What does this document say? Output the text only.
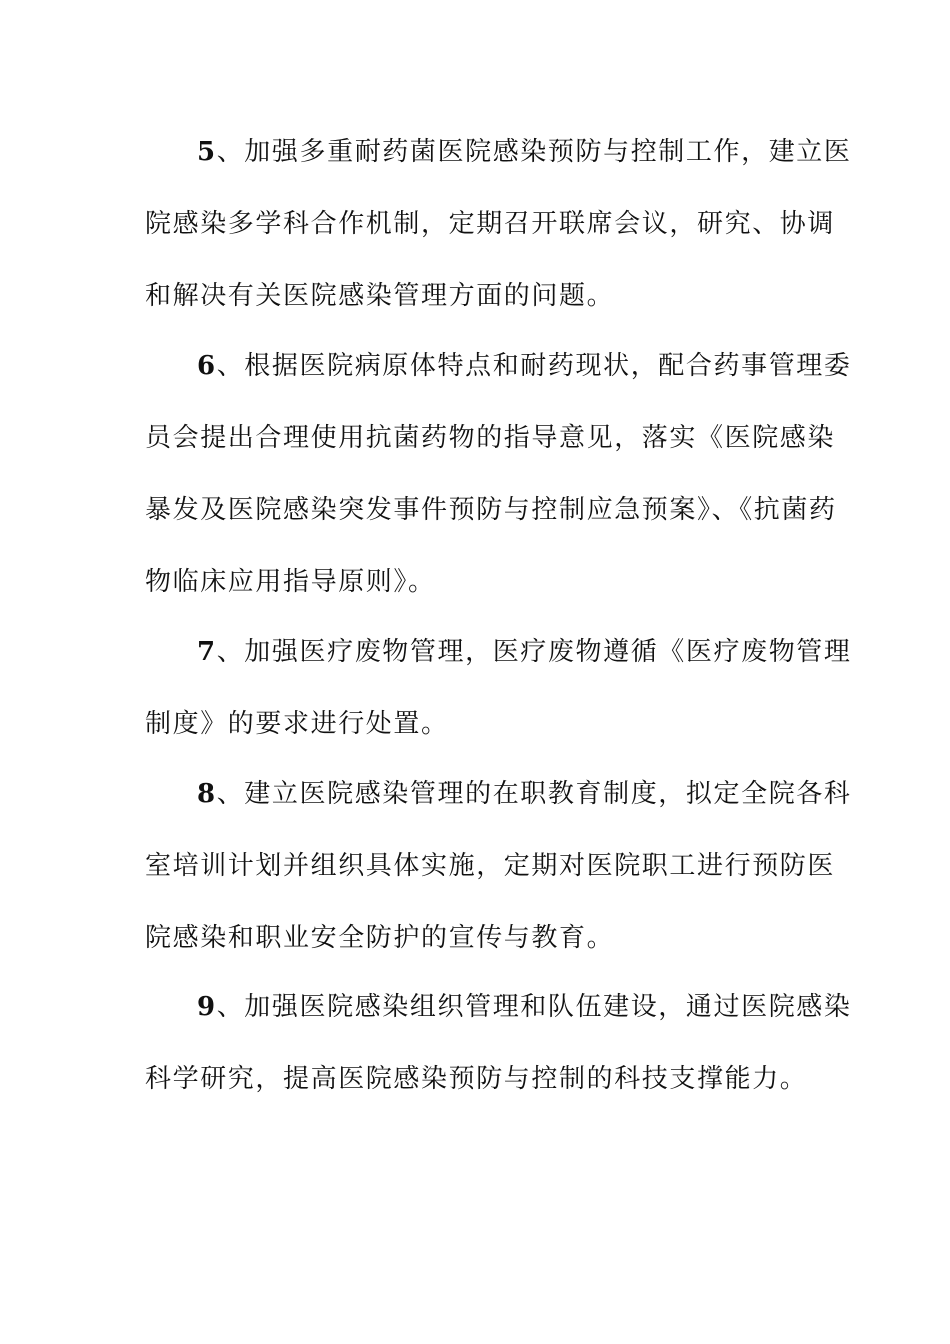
5、加强多重耐药菌医院感染预防与控制工作，建立医
院感染多学科合作机制，定期召开联席会议，研究、协调
和解决有关医院感染管理方面的问题。
6、根据医院病原体特点和耐药现状，配合药事管理委
员会提出合理使用抗菌药物的指导意见，落实《医院感染
暴发及医院感染突发事件预防与控制应急预案》、《抗菌药
物临床应用指导原则》。
7、加强医疗废物管理，医疗废物遵循《医疗废物管理
制度》的要求进行处置。
8、建立医院感染管理的在职教育制度，拟定全院各科
室培训计划并组织具体实施，定期对医院职工进行预防医
院感染和职业安全防护的宣传与教育。
9、加强医院感染组织管理和队伍建设，通过医院感染
科学研究，提高医院感染预防与控制的科技支撑能力。
